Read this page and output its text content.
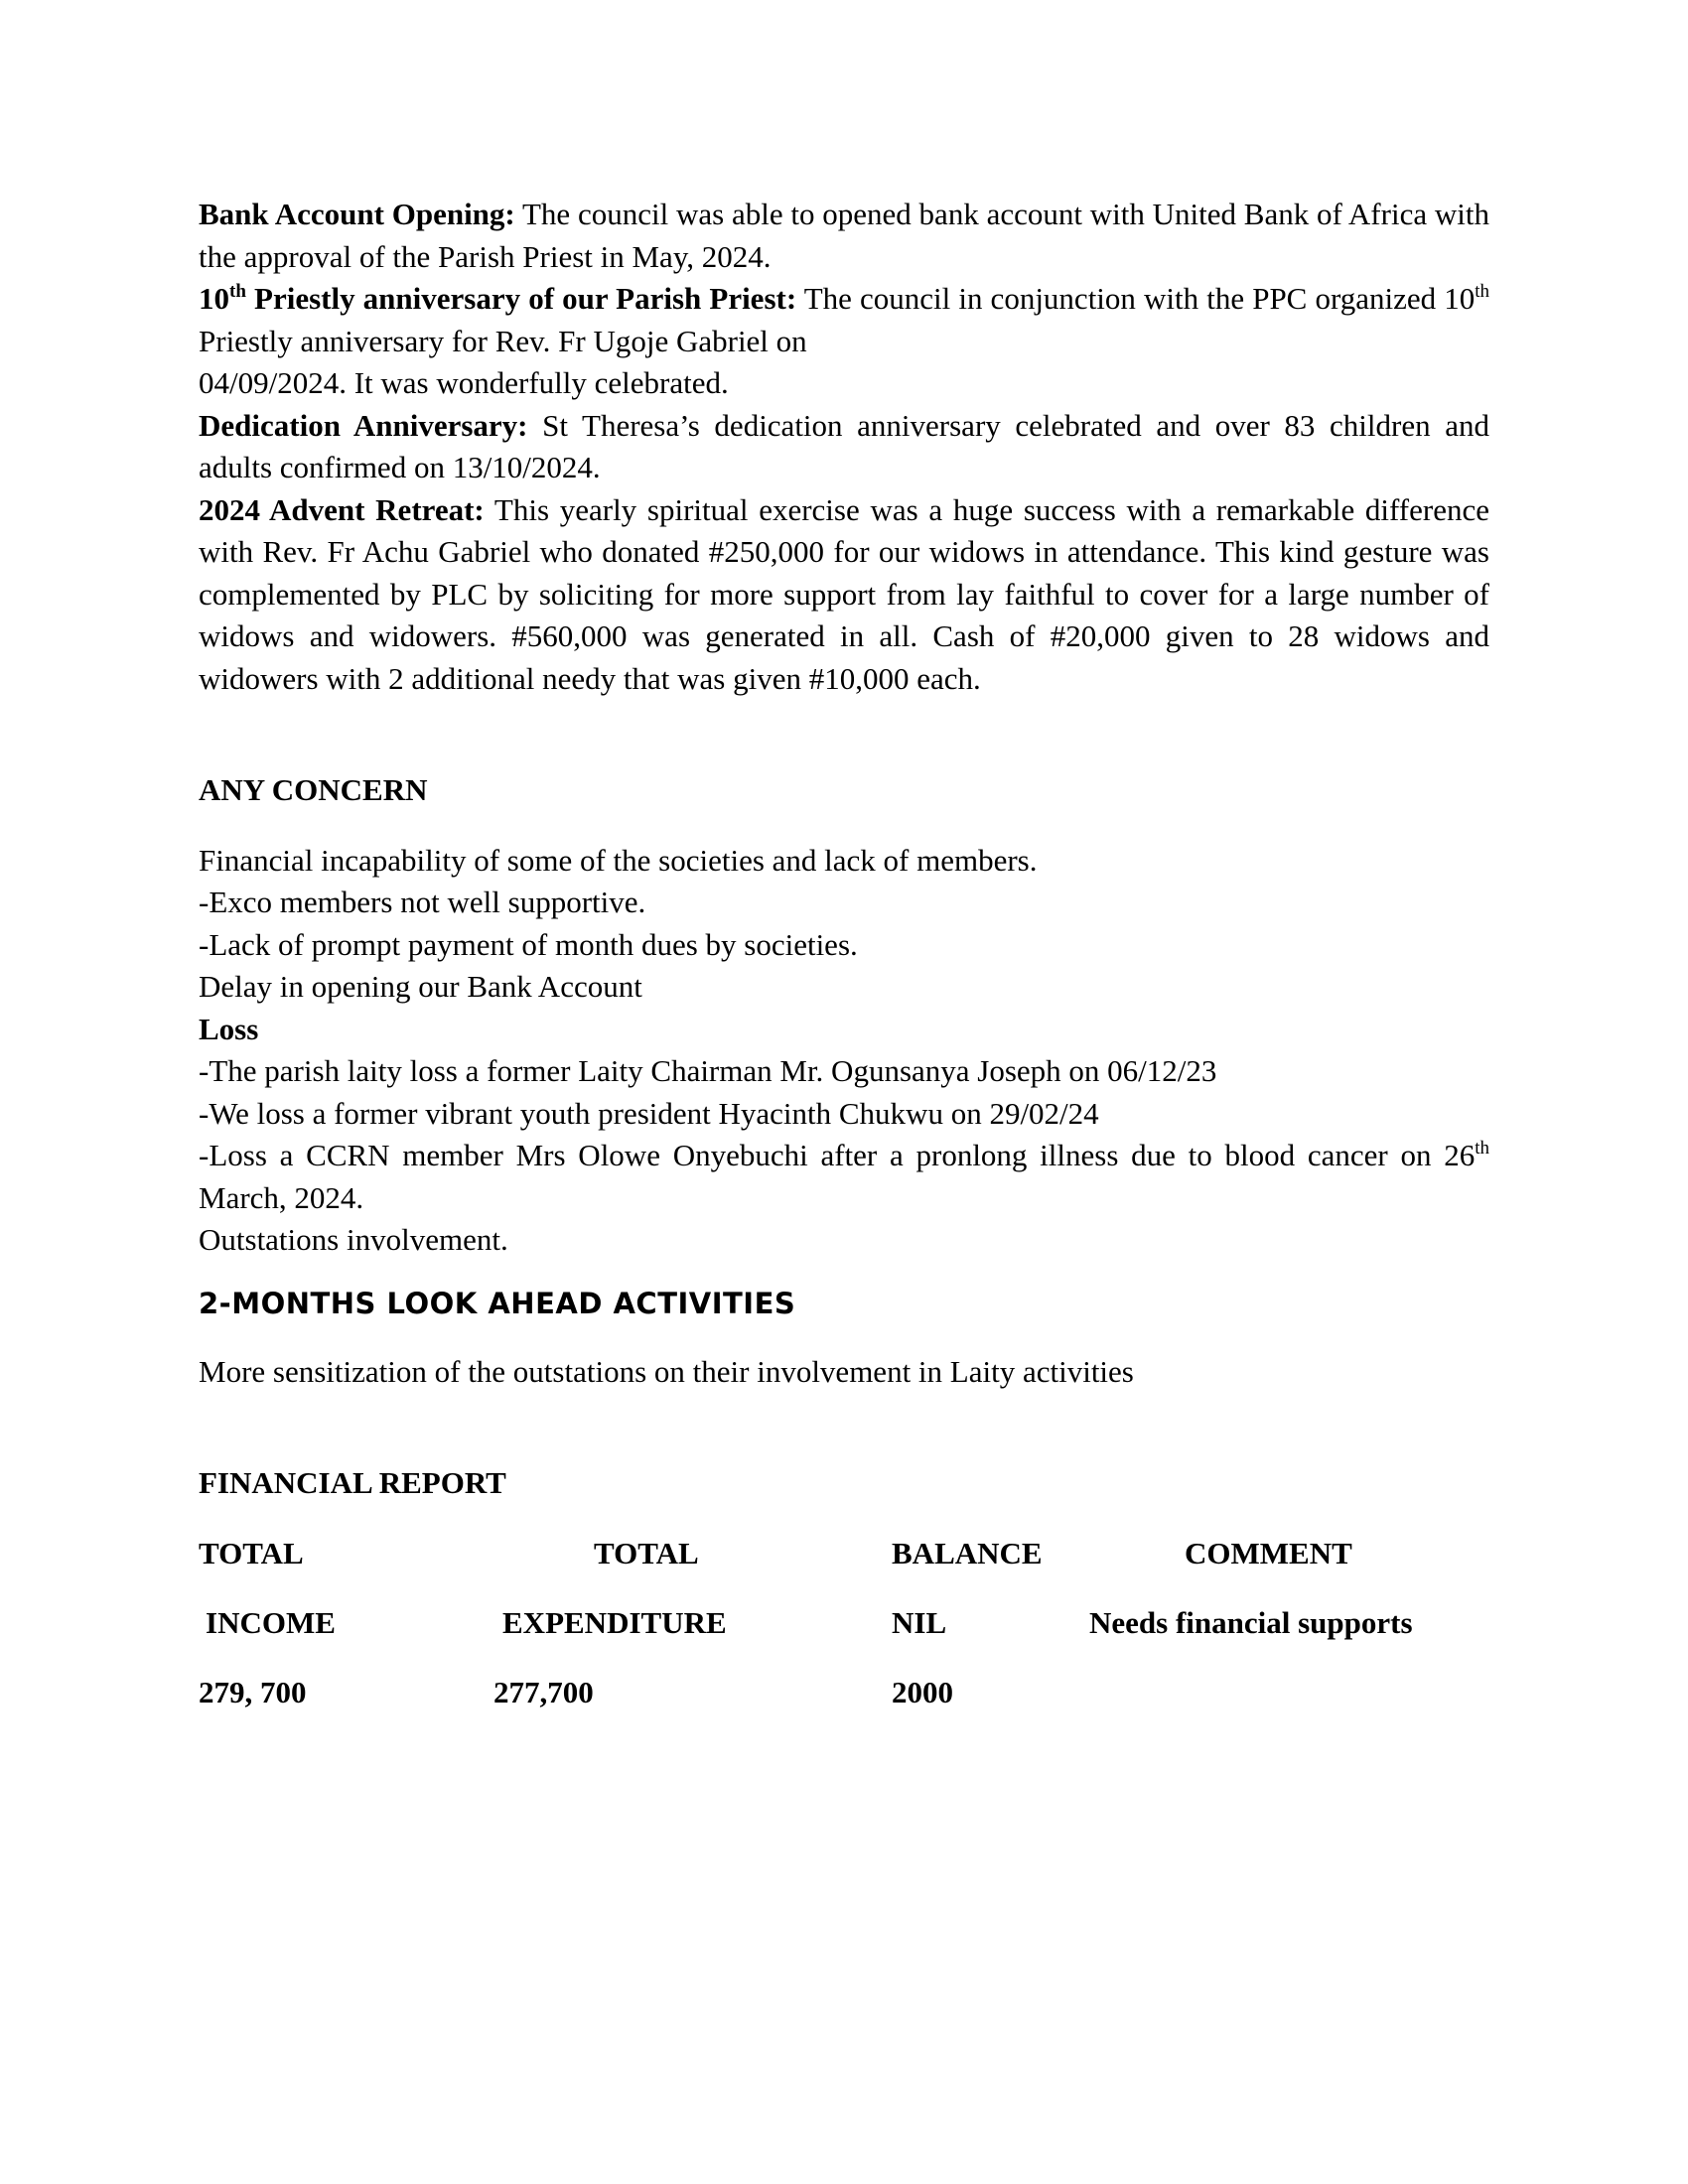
Bank Account Opening: The council was able to opened bank account with United Bank of Africa with the approval of the Parish Priest in May, 2024.

10th Priestly anniversary of our Parish Priest: The council in conjunction with the PPC organized 10th Priestly anniversary for Rev. Fr Ugoje Gabriel on

04/09/2024. It was wonderfully celebrated.

Dedication Anniversary: St Theresa’s dedication anniversary celebrated and over 83 children and adults confirmed on 13/10/2024.

2024 Advent Retreat: This yearly spiritual exercise was a huge success with a remarkable difference with Rev. Fr Achu Gabriel who donated #250,000 for our widows in attendance. This kind gesture was complemented by PLC by soliciting for more support from lay faithful to cover for a large number of widows and widowers. #560,000 was generated in all. Cash of #20,000 given to 28 widows and widowers with 2 additional needy that was given #10,000 each.

ANY CONCERN

Financial incapability of some of the societies and lack of members.

-Exco members not well supportive.

-Lack of prompt payment of month dues by societies.

Delay in opening our Bank Account

Loss

-The parish laity loss a former Laity Chairman Mr. Ogunsanya Joseph on 06/12/23

-We loss a former vibrant youth president Hyacinth Chukwu on 29/02/24

-Loss a CCRN member Mrs Olowe Onyebuchi after a pronlong illness due to blood cancer on 26th March, 2024.

Outstations involvement.

2-MONTHS LOOK AHEAD ACTIVITIES

More sensitization of the outstations on their involvement in Laity activities

FINANCIAL REPORT

TOTAL	TOTAL	BALANCE	COMMENT
INCOME	EXPENDITURE	NIL	Needs financial supports
279, 700	277,700	2000
